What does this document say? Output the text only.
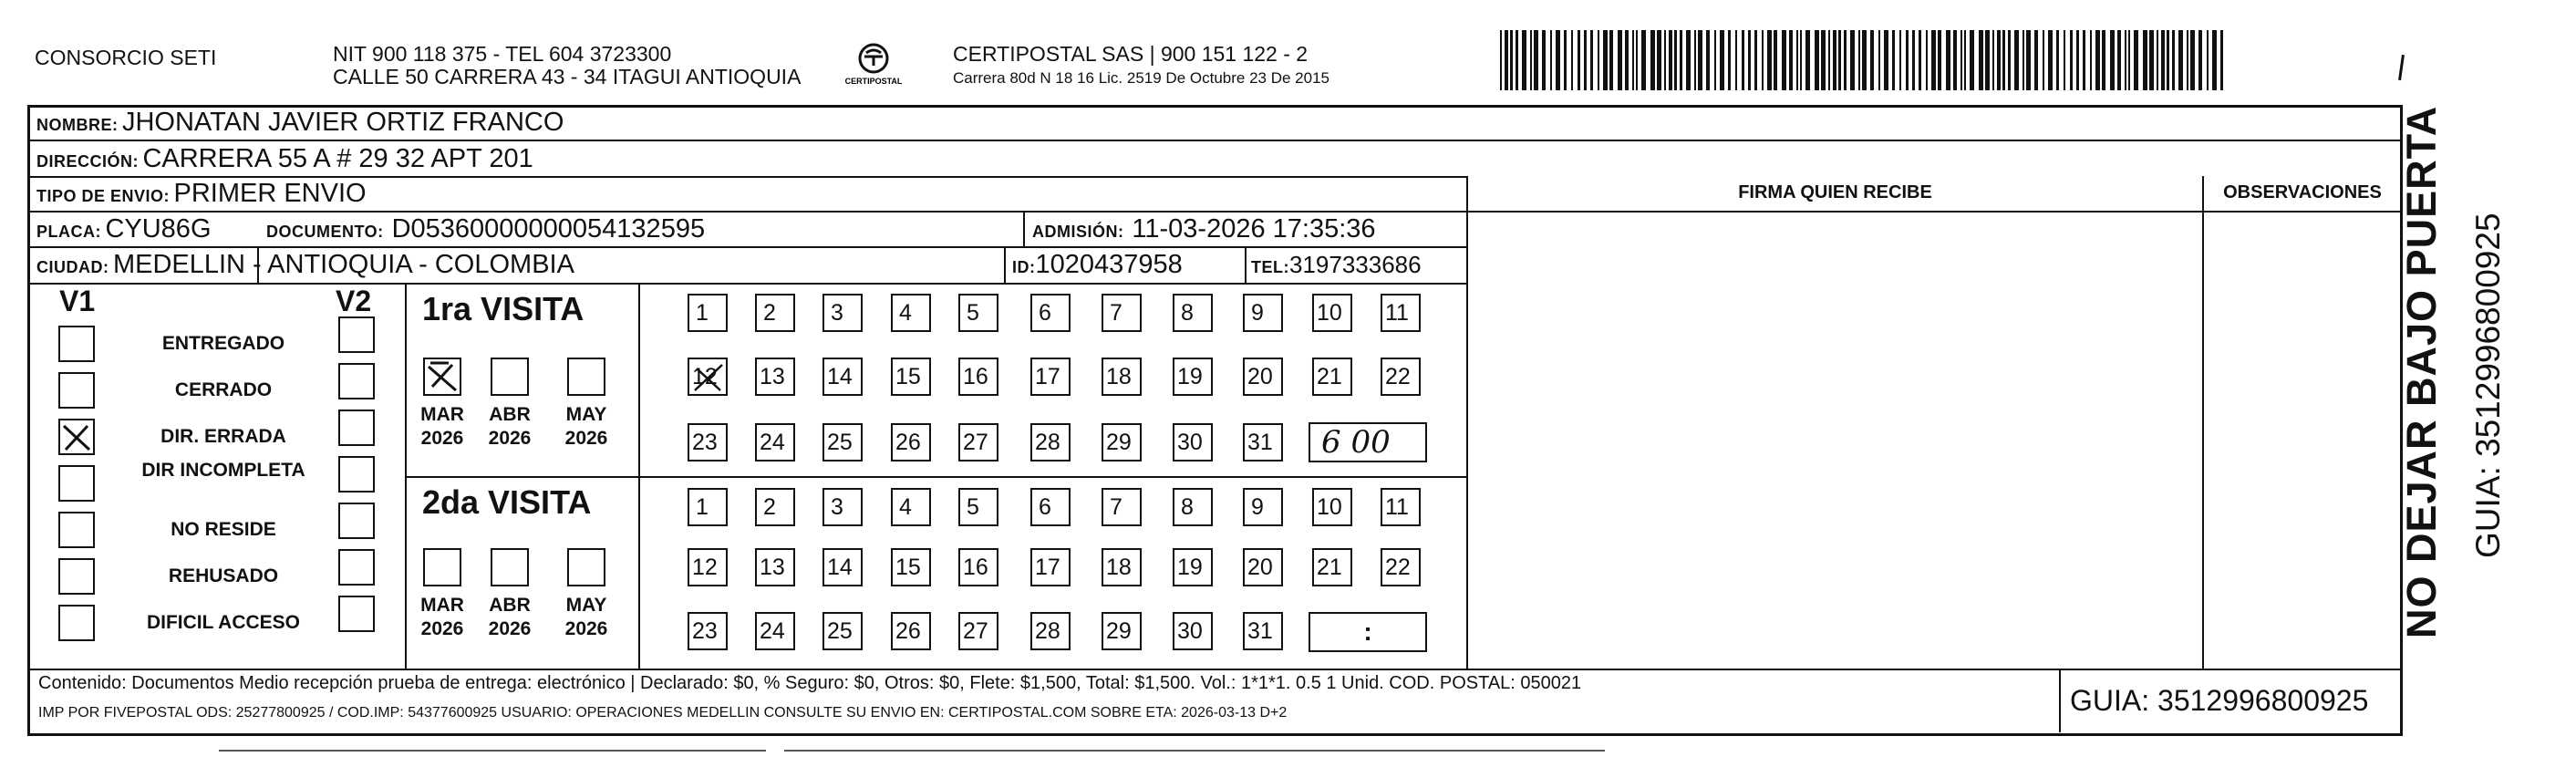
CONSORCIO SETI	NIT 900 118 375 - TEL 604 3723300
CALLE 50 CARRERA 43 - 34 ITAGUI ANTIOQUIA	CERTIPOSTAL
CERTIPOSTAL SAS | 900 151 122 - 2
Carrera 80d N 18 16 Lic. 2519 De Octubre 23 De 2015
NOMBRE: JHONATAN JAVIER ORTIZ FRANCO
DIRECCIÓN: CARRERA 55 A # 29 32 APT 201
TIPO DE ENVIO: PRIMER ENVIO
PLACA: CYU86G	DOCUMENTO: D05360000000054132595	ADMISIÓN: 11-03-2026 17:35:36
CIUDAD: MEDELLIN - ANTIOQUIA - COLOMBIA	ID:1020437958	TEL:3197333686
FIRMA QUIEN RECIBE	OBSERVACIONES
V1	V2
ENTREGADO
CERRADO
DIR. ERRADA
DIR INCOMPLETA
NO RESIDE
REHUSADO
DIFICIL ACCESO
1ra VISITA
MAR
2026
ABR
2026
MAY
2026
1	2	3	4	5	6	7	8	9	10	11
12	13	14	15	16	17	18	19	20	21	22
23	24	25	26	27	28	29	30	31	6 00
2da VISITA
MAR
2026
ABR
2026
MAY
2026
1	2	3	4	5	6	7	8	9	10	11
12	13	14	15	16	17	18	19	20	21	22
23	24	25	26	27	28	29	30	31	:
Contenido: Documentos Medio recepción prueba de entrega: electrónico | Declarado: $0, % Seguro: $0, Otros: $0, Flete: $1,500, Total: $1,500. Vol.: 1*1*1. 0.5 1 Unid. COD. POSTAL: 050021
IMP POR FIVEPOSTAL ODS: 25277800925 / COD.IMP: 54377600925 USUARIO: OPERACIONES MEDELLIN CONSULTE SU ENVIO EN: CERTIPOSTAL.COM SOBRE ETA: 2026-03-13 D+2	GUIA: 3512996800925
NO DEJAR BAJO PUERTA GUIA: 3512996800925
